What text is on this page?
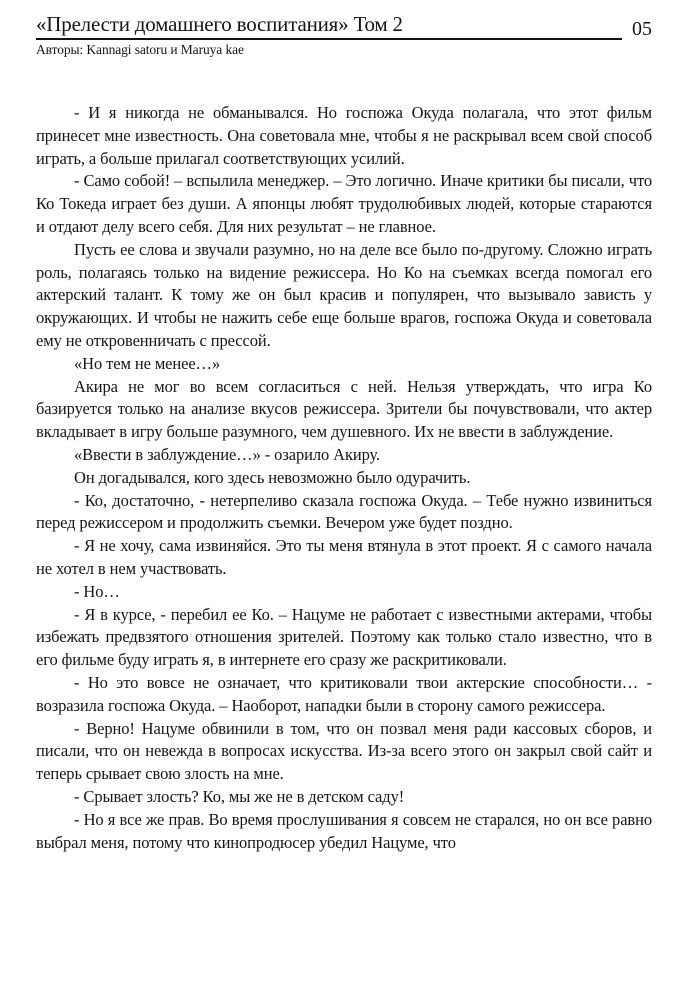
«Прелести домашнего воспитания» Том 2	05
Авторы: Kannagi satoru и Maruya kae

- И я никогда не обманывался. Но госпожа Окуда полагала, что этот фильм принесет мне известность. Она советовала мне, чтобы я не раскрывал всем свой способ играть, а больше прилагал соответствующих усилий.

- Само собой! – вспылила менеджер. – Это логично. Иначе критики бы писали, что Ко Токеда играет без души. А японцы любят трудолюбивых людей, которые стараются и отдают делу всего себя. Для них результат – не главное.

Пусть ее слова и звучали разумно, но на деле все было по-другому. Сложно играть роль, полагаясь только на видение режиссера. Но Ко на съемках всегда помогал его актерский талант. К тому же он был красив и популярен, что вызывало зависть у окружающих. И чтобы не нажить себе еще больше врагов, госпожа Окуда и советовала ему не откровенничать с прессой.

«Но тем не менее…»

Акира не мог во всем согласиться с ней. Нельзя утверждать, что игра Ко базируется только на анализе вкусов режиссера. Зрители бы почувствовали, что актер вкладывает в игру больше разумного, чем душевного. Их не ввести в заблуждение.

«Ввести в заблуждение…» - озарило Акиру.

Он догадывался, кого здесь невозможно было одурачить.

- Ко, достаточно, - нетерпеливо сказала госпожа Окуда. – Тебе нужно извиниться перед режиссером и продолжить съемки. Вечером уже будет поздно.

- Я не хочу, сама извиняйся. Это ты меня втянула в этот проект. Я с самого начала не хотел в нем участвовать.

- Но…

- Я в курсе, - перебил ее Ко. – Нацуме не работает с известными актерами, чтобы избежать предвзятого отношения зрителей. Поэтому как только стало известно, что в его фильме буду играть я, в интернете его сразу же раскритиковали.

- Но это вовсе не означает, что критиковали твои актерские способности… - возразила госпожа Окуда. – Наоборот, нападки были в сторону самого режиссера.

- Верно! Нацуме обвинили в том, что он позвал меня ради кассовых сборов, и писали, что он невежда в вопросах искусства. Из-за всего этого он закрыл свой сайт и теперь срывает свою злость на мне.

- Срывает злость? Ко, мы же не в детском саду!

- Но я все же прав. Во время прослушивания я совсем не старался, но он все равно выбрал меня, потому что кинопродюсер убедил Нацуме, что
